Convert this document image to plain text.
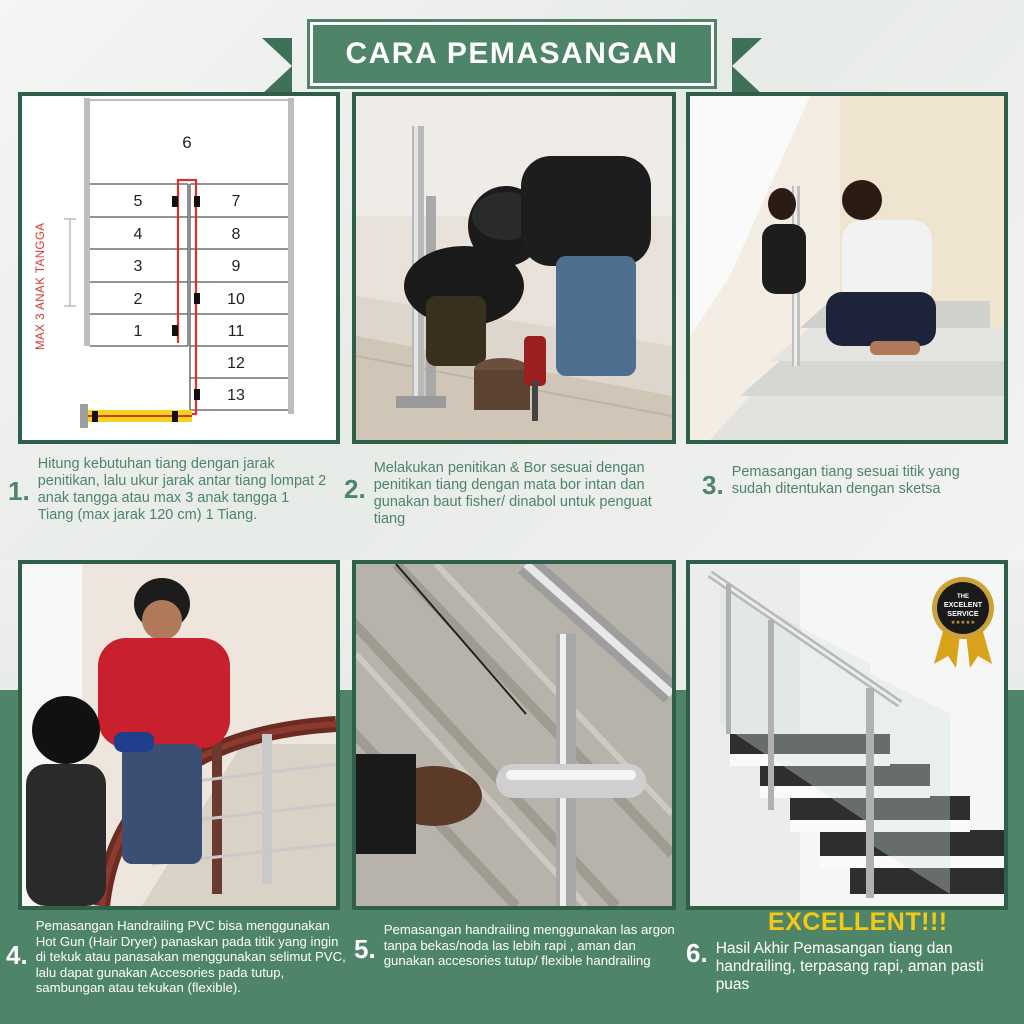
CARA PEMASANGAN
6
5
4
3
2
1
7
8
9
10
11
12
13
MAX 3 ANAK TANGGA
THE
EXCELENT
SERVICE
★★★★★
1.
Hitung kebutuhan tiang dengan jarak penitikan, lalu ukur jarak antar tiang lompat 2 anak tangga atau max 3 anak tangga 1 Tiang (max jarak 120 cm) 1 Tiang.
2.
Melakukan penitikan & Bor sesuai dengan penitikan tiang dengan mata bor intan dan gunakan baut fisher/ dinabol untuk penguat tiang
3. Pemasangan tiang sesuai titik yang sudah ditentukan dengan sketsa
4.
Pemasangan Handrailing PVC bisa menggunakan Hot Gun (Hair Dryer) panaskan pada titik yang ingin di tekuk atau panasakan menggunakan selimut PVC, lalu dapat gunakan Accesories pada tutup, sambungan atau tekukan (flexible).
5.
Pemasangan handrailing menggunakan las argon tanpa bekas/noda las lebih rapi , aman dan gunakan accesories tutup/ flexible handrailing
EXCELLENT!!!
6. Hasil Akhir Pemasangan tiang dan handrailing, terpasang rapi, aman pasti puas
